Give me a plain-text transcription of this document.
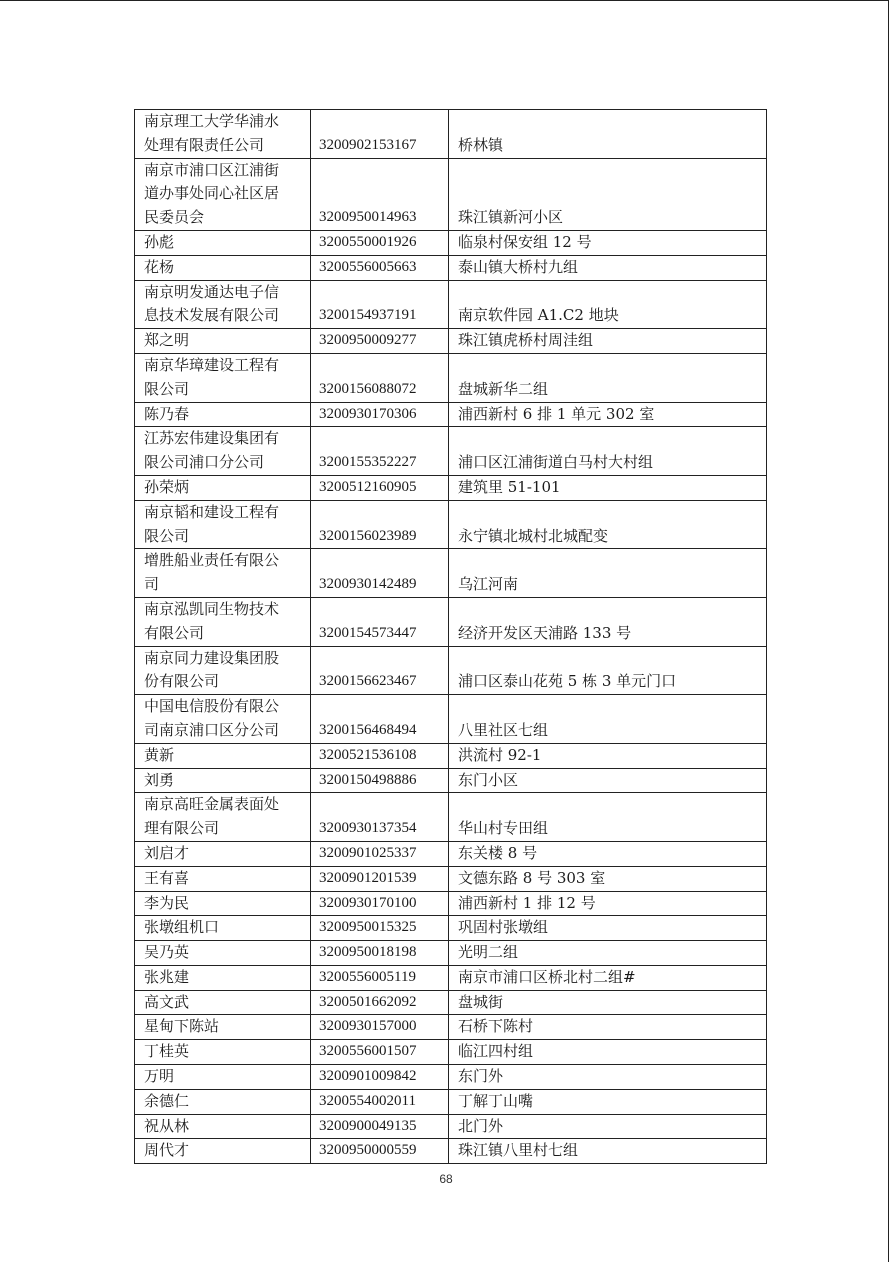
南京理工大学华浦水
处理有限责任公司	3200902153167	桥林镇
南京市浦口区江浦街
道办事处同心社区居
民委员会	3200950014963	珠江镇新河小区
孙彪	3200550001926	临泉村保安组 12 号
花杨	3200556005663	泰山镇大桥村九组
南京明发通达电子信
息技术发展有限公司	3200154937191	南京软件园 A1.C2 地块
郑之明	3200950009277	珠江镇虎桥村周洼组
南京华璋建设工程有
限公司	3200156088072	盘城新华二组
陈乃春	3200930170306	浦西新村 6 排 1 单元 302 室
江苏宏伟建设集团有
限公司浦口分公司	3200155352227	浦口区江浦街道白马村大村组
孙荣炳	3200512160905	建筑里 51-101
南京韬和建设工程有
限公司	3200156023989	永宁镇北城村北城配变
增胜船业责任有限公
司	3200930142489	乌江河南
南京泓凯同生物技术
有限公司	3200154573447	经济开发区天浦路 133 号
南京同力建设集团股
份有限公司	3200156623467	浦口区泰山花苑 5 栋 3 单元门口
中国电信股份有限公
司南京浦口区分公司	3200156468494	八里社区七组
黄新	3200521536108	洪流村 92-1
刘勇	3200150498886	东门小区
南京高旺金属表面处
理有限公司	3200930137354	华山村专田组
刘启才	3200901025337	东关楼 8 号
王有喜	3200901201539	文德东路 8 号 303 室
李为民	3200930170100	浦西新村 1 排 12 号
张墩组机口	3200950015325	巩固村张墩组
吴乃英	3200950018198	光明二组
张兆建	3200556005119	南京市浦口区桥北村二组#
高文武	3200501662092	盘城街
星甸下陈站	3200930157000	石桥下陈村
丁桂英	3200556001507	临江四村组
万明	3200901009842	东门外
余德仁	3200554002011	丁解丁山嘴
祝从林	3200900049135	北门外
周代才	3200950000559	珠江镇八里村七组
68
